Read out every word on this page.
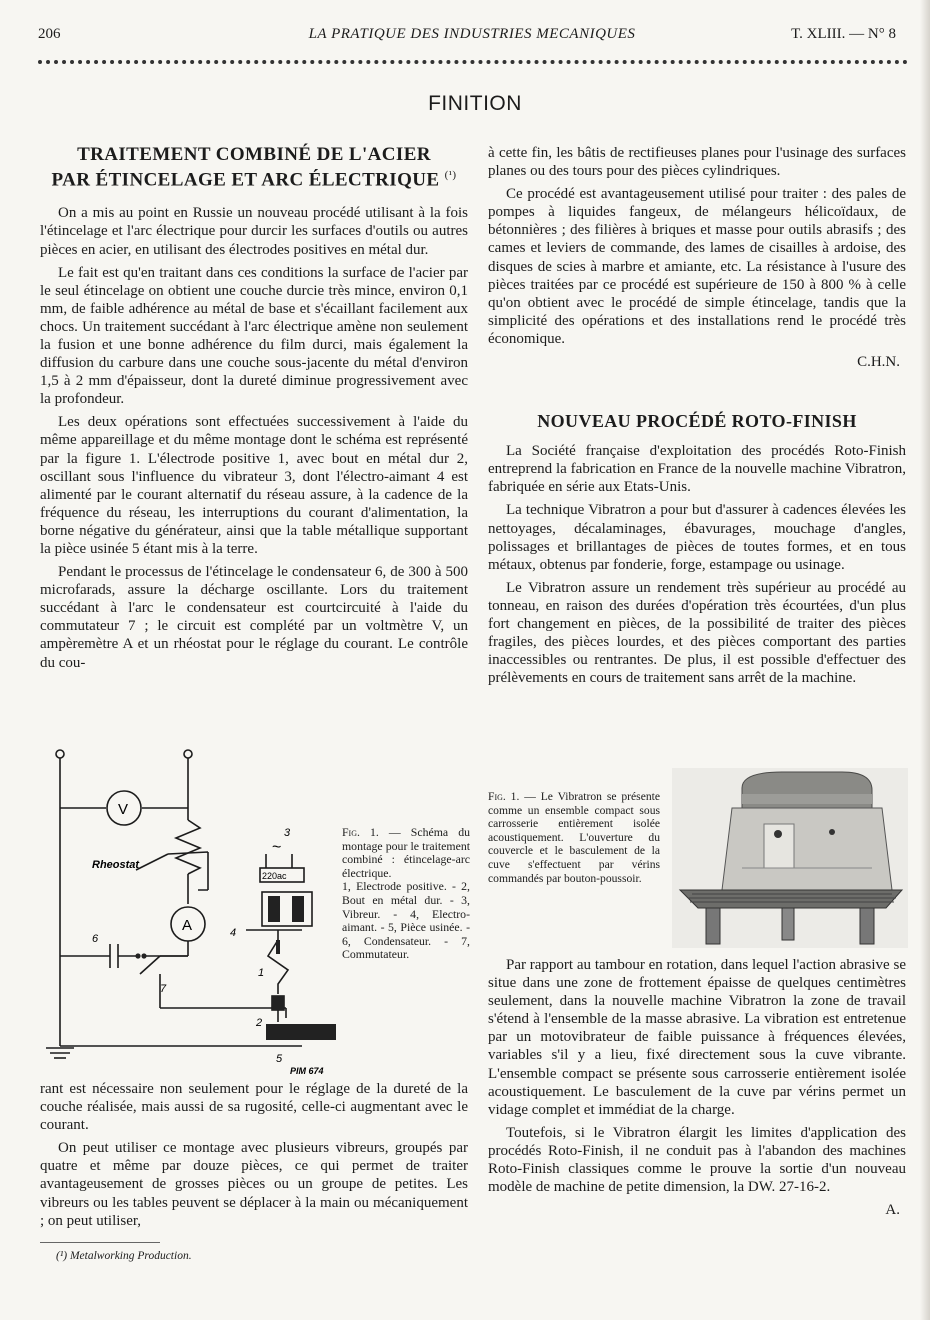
206	LA PRATIQUE DES INDUSTRIES MECANIQUES	T. XLIII. — N° 8
FINITION
TRAITEMENT COMBINÉ DE L'ACIER
PAR ÉTINCELAGE ET ARC ÉLECTRIQUE $^{(^1)}$

On a mis au point en Russie un nouveau procédé utilisant à la fois l'étincelage et l'arc électrique pour durcir les surfaces d'outils ou autres pièces en acier, en utilisant des électrodes positives en métal dur.

Le fait est qu'en traitant dans ces conditions la surface de l'acier par le seul étincelage on obtient une couche durcie très mince, environ 0,1 mm, de faible adhérence au métal de base et s'écaillant facilement aux chocs. Un traitement succédant à l'arc électrique amène non seulement la fusion et une bonne adhérence du film durci, mais également la diffusion du carbure dans une couche sous-jacente du métal d'environ 1,5 à 2 mm d'épaisseur, dont la dureté diminue progressivement avec la profondeur.

Les deux opérations sont effectuées successivement à l'aide du même appareillage et du même montage dont le schéma est représenté par la figure 1. L'électrode positive 1, avec bout en métal dur 2, oscillant sous l'influence du vibrateur 3, dont l'électro-aimant 4 est alimenté par le courant alternatif du réseau assure, à la cadence de la fréquence du réseau, les interruptions du courant d'alimentation, la borne négative du générateur, ainsi que la table métallique supportant la pièce usinée 5 étant mis à la terre.

Pendant le processus de l'étincelage le condensateur 6, de 300 à 500 microfarads, assure la décharge oscillante. Lors du traitement succédant à l'arc le condensateur est courtcircuité à l'aide du commutateur 7 ; le circuit est complété par un voltmètre V, un ampèremètre A et un rhéostat pour le réglage du courant. Le contrôle du cou-

V
A
Rheostat
220ac
~
3
4
1
2
5
6
7
PIM 674
Fig. 1. — Schéma du montage pour le traitement combiné : étincelage-arc électrique.
1, Electrode positive. - 2, Bout en métal dur. - 3, Vibreur. - 4, Electro-aimant. - 5, Pièce usinée. - 6, Condensateur. - 7, Commutateur.

rant est nécessaire non seulement pour le réglage de la dureté de la couche réalisée, mais aussi de sa rugosité, celle-ci augmentant avec le courant.

On peut utiliser ce montage avec plusieurs vibreurs, groupés par quatre et même par douze pièces, ce qui permet de traiter avantageusement de grosses pièces ou un groupe de petites. Les vibreurs ou les tables peuvent se déplacer à la main ou mécaniquement ; on peut utiliser,

(¹) Metalworking Production.

à cette fin, les bâtis de rectifieuses planes pour l'usinage des surfaces planes ou des tours pour des pièces cylindriques.

Ce procédé est avantageusement utilisé pour traiter : des pales de pompes à liquides fangeux, de mélangeurs hélicoïdaux, de bétonnières ; des filières à briques et masse pour outils abrasifs ; des cames et leviers de commande, des lames de cisailles à ardoise, des disques de scies à marbre et amiante, etc. La résistance à l'usure des pièces traitées par ce procédé est supérieure de 150 à 800 % à celle qu'on obtient avec le procédé de simple étincelage, tandis que la simplicité des opérations et des installations rend le procédé très économique.

C.H.N.
NOUVEAU PROCÉDÉ ROTO-FINISH

La Société française d'exploitation des procédés Roto-Finish entreprend la fabrication en France de la nouvelle machine Vibratron, fabriquée en série aux Etats-Unis.

La technique Vibratron a pour but d'assurer à cadences élevées les nettoyages, décalaminages, ébavurages, mouchage d'angles, polissages et brillantages de pièces de toutes formes, et en tous métaux, obtenus par fonderie, forge, estampage ou usinage.

Le Vibratron assure un rendement très supérieur au procédé au tonneau, en raison des durées d'opération très écourtées, d'un plus fort changement en pièces, de la possibilité de traiter des pièces fragiles, des pièces lourdes, et des pièces comportant des parties inaccessibles ou rentrantes. De plus, il est possible d'effectuer des prélèvements en cours de traitement sans arrêt de la machine.

Fig. 1. — Le Vibratron se présente comme un ensemble compact sous carrosserie entièrement isolée acoustiquement. L'ouverture du couvercle et le basculement de la cuve s'effectuent par vérins commandés par bouton-poussoir.

Par rapport au tambour en rotation, dans lequel l'action abrasive se situe dans une zone de frottement épaisse de quelques centimètres seulement, dans la nouvelle machine Vibratron la zone de travail s'étend à l'ensemble de la masse abrasive. La vibration est entretenue par un motovibrateur de faible puissance à fréquences élevées, variables s'il y a lieu, fixé directement sous la cuve vibrante. L'ensemble compact se présente sous carrosserie entièrement isolée acoustiquement. Le basculement de la cuve par vérins permet un vidage complet et immédiat de la charge.

Toutefois, si le Vibratron élargit les limites d'application des procédés Roto-Finish, il ne conduit pas à l'abandon des machines Roto-Finish classiques comme le prouve la sortie d'un nouveau modèle de machine de petite dimension, la DW. 27-16-2.

A.
